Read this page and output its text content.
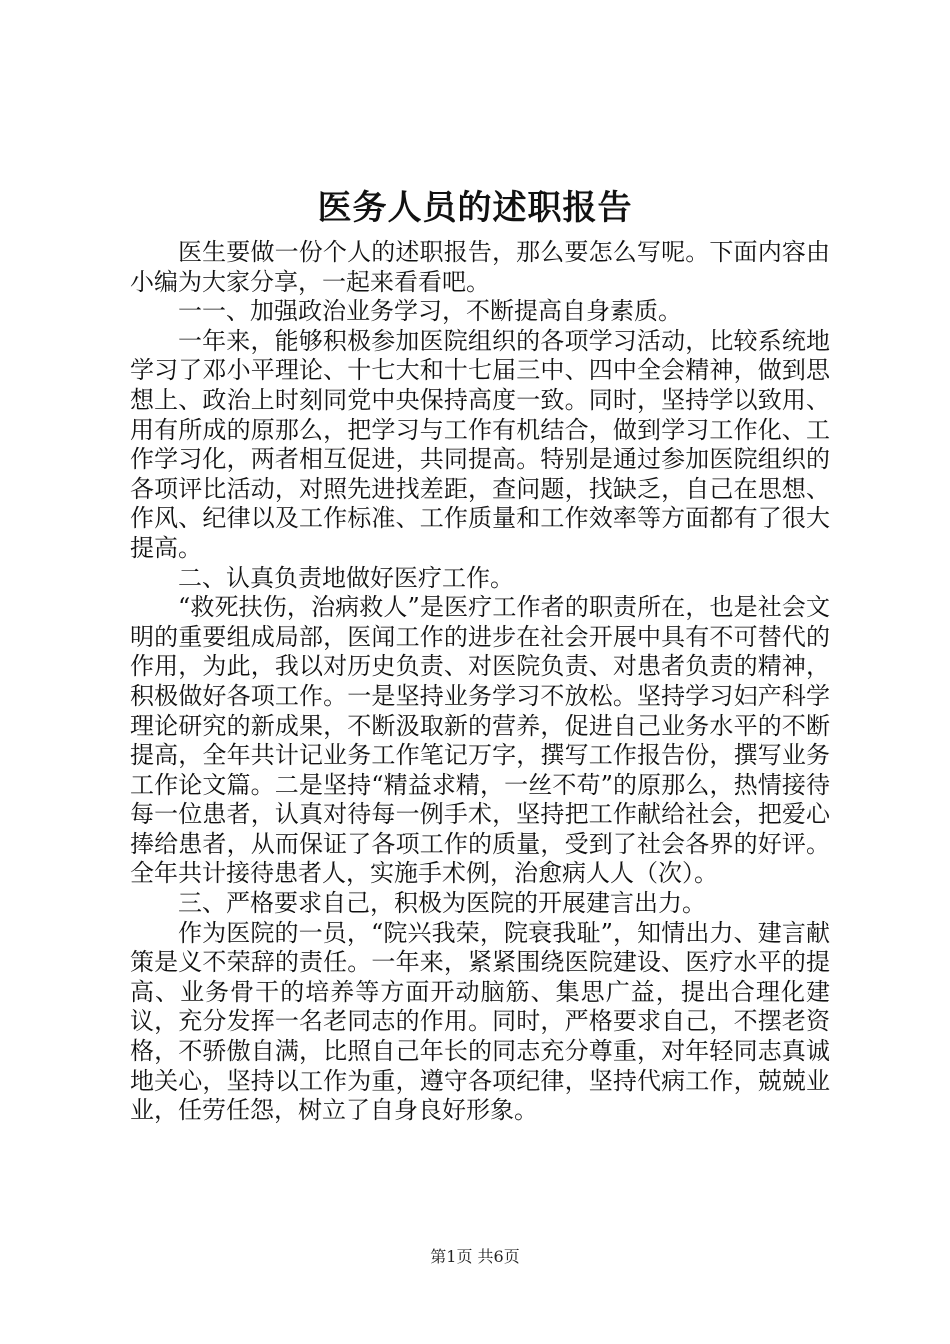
医务人员的述职报告

医生要做一份个人的述职报告，那么要怎么写呢。下面内容由小编为大家分享，一起来看看吧。

一一、加强政治业务学习，不断提高自身素质。

一年来，能够积极参加医院组织的各项学习活动，比较系统地学习了邓小平理论、十七大和十七届三中、四中全会精神，做到思想上、政治上时刻同党中央保持高度一致。同时，坚持学以致用、用有所成的原那么，把学习与工作有机结合，做到学习工作化、工作学习化，两者相互促进，共同提高。特别是通过参加医院组织的各项评比活动，对照先进找差距，查问题，找缺乏，自己在思想、作风、纪律以及工作标准、工作质量和工作效率等方面都有了很大提高。

二、认真负责地做好医疗工作。

“救死扶伤，治病救人”是医疗工作者的职责所在，也是社会文明的重要组成局部，医闻工作的进步在社会开展中具有不可替代的作用，为此，我以对历史负责、对医院负责、对患者负责的精神，积极做好各项工作。一是坚持业务学习不放松。坚持学习妇产科学理论研究的新成果，不断汲取新的营养，促进自己业务水平的不断提高，全年共计记业务工作笔记万字，撰写工作报告份，撰写业务工作论文篇。二是坚持“精益求精，一丝不苟”的原那么，热情接待每一位患者，认真对待每一例手术，坚持把工作献给社会，把爱心捧给患者，从而保证了各项工作的质量，受到了社会各界的好评。全年共计接待患者人，实施手术例，治愈病人人（次）。

三、严格要求自己，积极为医院的开展建言出力。

作为医院的一员，“院兴我荣，院衰我耻”，知情出力、建言献策是义不荣辞的责任。一年来，紧紧围绕医院建设、医疗水平的提高、业务骨干的培养等方面开动脑筋、集思广益，提出合理化建议，充分发挥一名老同志的作用。同时，严格要求自己，不摆老资格，不骄傲自满，比照自己年长的同志充分尊重，对年轻同志真诚地关心，坚持以工作为重，遵守各项纪律，坚持代病工作，兢兢业业，任劳任怨，树立了自身良好形象。

第1页 共6页
